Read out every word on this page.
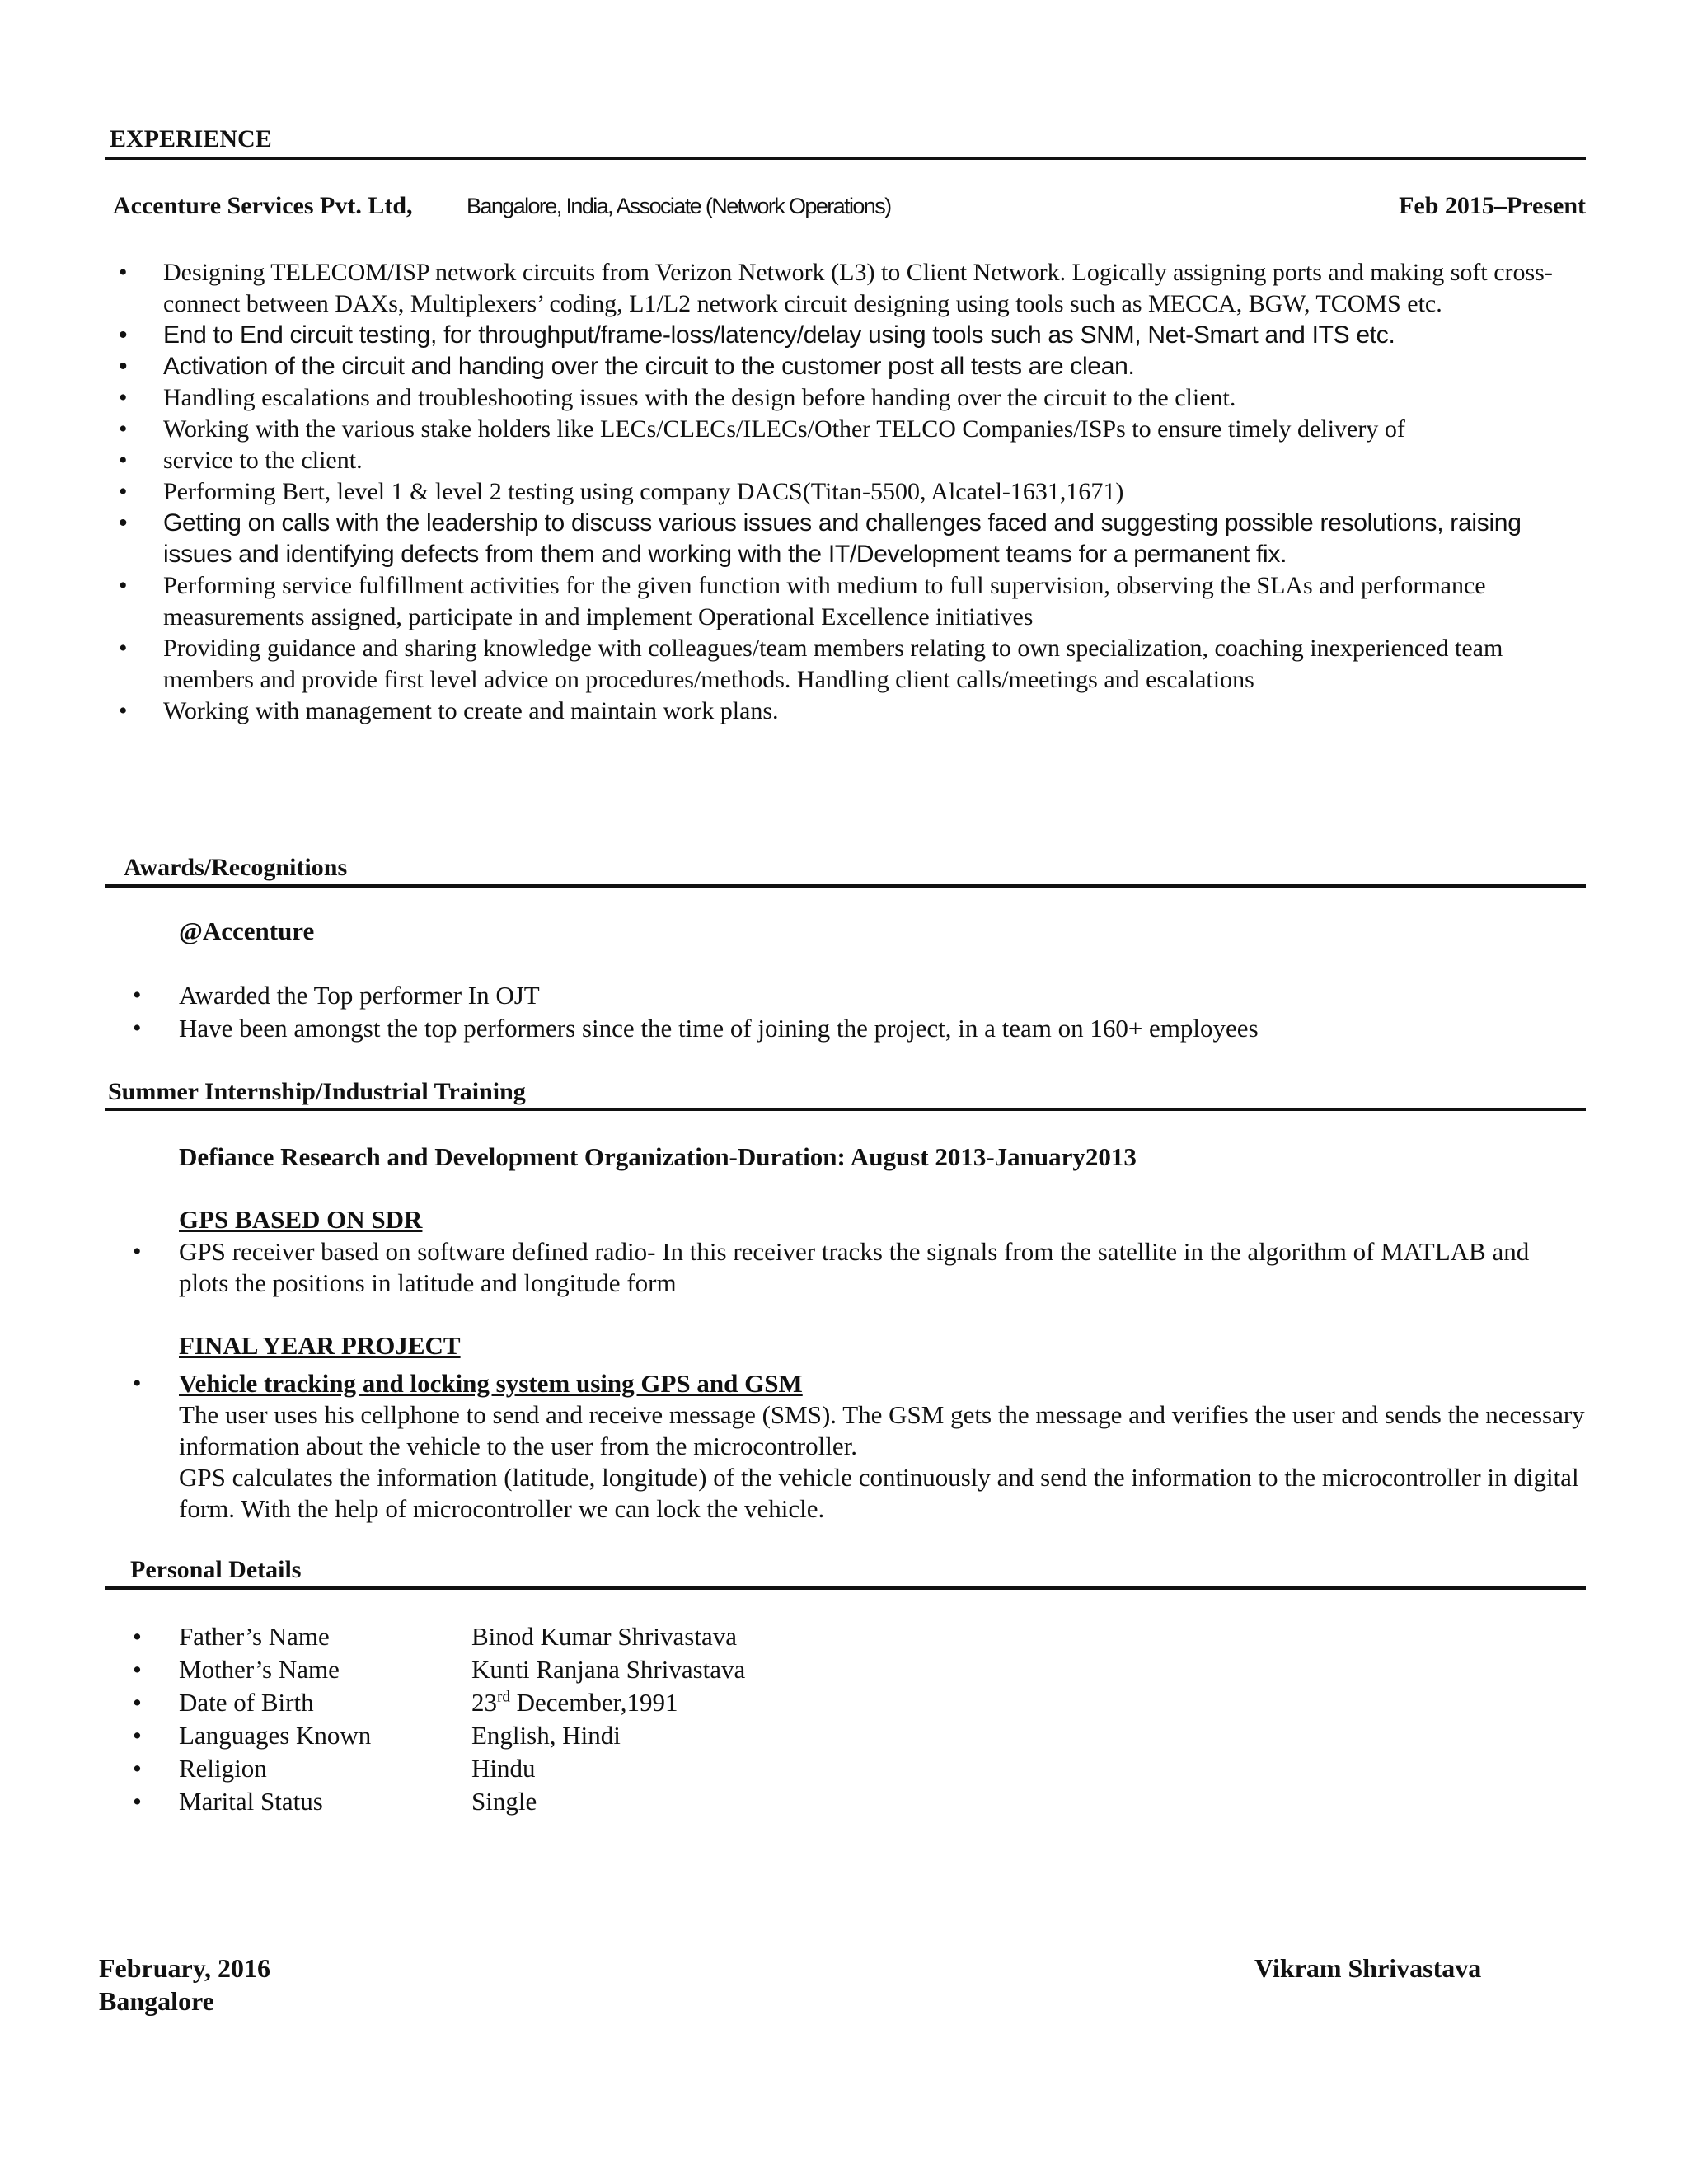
EXPERIENCE
Accenture Services Pvt. Ltd, Bangalore, India, Associate (Network Operations)	Feb 2015–Present
• Designing TELECOM/ISP network circuits from Verizon Network (L3) to Client Network. Logically assigning ports and making soft cross-connect between DAXs, Multiplexers’ coding, L1/L2 network circuit designing using tools such as MECCA, BGW, TCOMS etc.
• End to End circuit testing, for throughput/frame-loss/latency/delay using tools such as SNM, Net-Smart and ITS etc.
• Activation of the circuit and handing over the circuit to the customer post all tests are clean.
• Handling escalations and troubleshooting issues with the design before handing over the circuit to the client.
• Working with the various stake holders like LECs/CLECs/ILECs/Other TELCO Companies/ISPs to ensure timely delivery of
• service to the client.
• Performing Bert, level 1 & level 2 testing using company DACS(Titan-5500, Alcatel-1631,1671)
• Getting on calls with the leadership to discuss various issues and challenges faced and suggesting possible resolutions, raising issues and identifying defects from them and working with the IT/Development teams for a permanent fix.
• Performing service fulfillment activities for the given function with medium to full supervision, observing the SLAs and performance measurements assigned, participate in and implement Operational Excellence initiatives
• Providing guidance and sharing knowledge with colleagues/team members relating to own specialization, coaching inexperienced team members and provide first level advice on procedures/methods. Handling client calls/meetings and escalations
• Working with management to create and maintain work plans.
Awards/Recognitions
@Accenture
• Awarded the Top performer In OJT
• Have been amongst the top performers since the time of joining the project, in a team on 160+ employees
Summer Internship/Industrial Training
Defiance Research and Development Organization-Duration: August 2013-January2013
GPS BASED ON SDR
• GPS receiver based on software defined radio- In this receiver tracks the signals from the satellite in the algorithm of MATLAB and plots the positions in latitude and longitude form
FINAL YEAR PROJECT
• Vehicle tracking and locking system using GPS and GSM
The user uses his cellphone to send and receive message (SMS). The GSM gets the message and verifies the user and sends the necessary information about the vehicle to the user from the microcontroller.
GPS calculates the information (latitude, longitude) of the vehicle continuously and send the information to the microcontroller in digital form. With the help of microcontroller we can lock the vehicle.
Personal Details
• Father’s Name	Binod Kumar Shrivastava
• Mother’s Name	Kunti Ranjana Shrivastava
• Date of Birth	23rd December,1991
• Languages Known	English, Hindi
• Religion	Hindu
• Marital Status	Single
February, 2016
Bangalore
Vikram Shrivastava
